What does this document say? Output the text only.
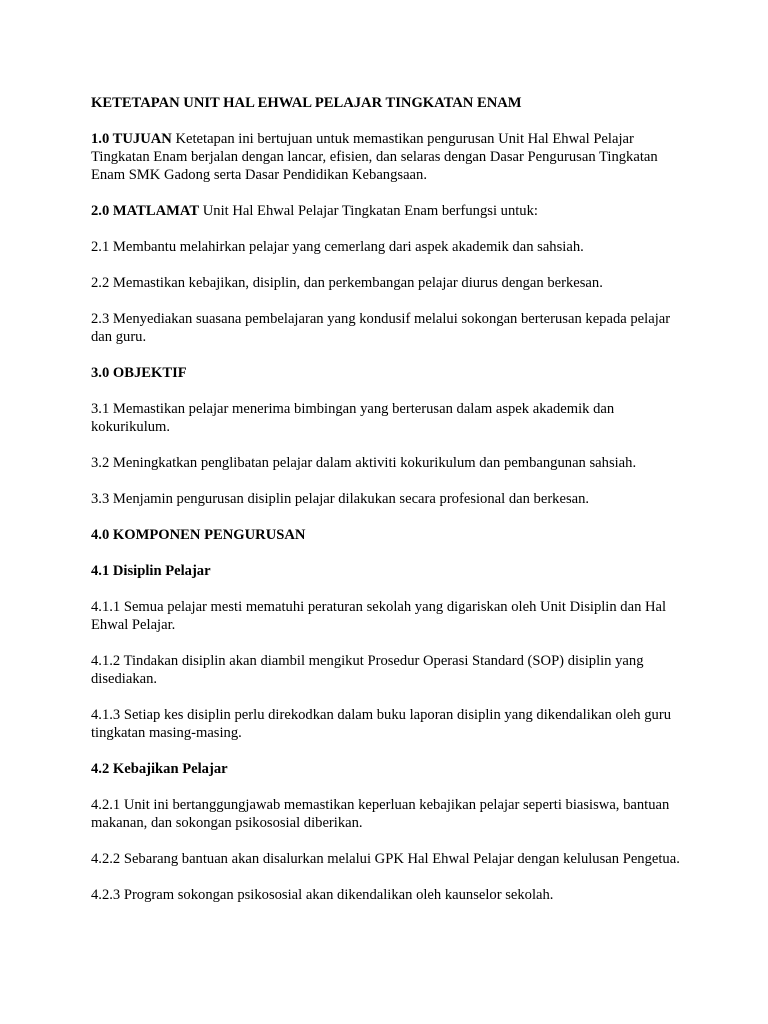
KETETAPAN UNIT HAL EHWAL PELAJAR TINGKATAN ENAM

1.0 TUJUAN Ketetapan ini bertujuan untuk memastikan pengurusan Unit Hal Ehwal Pelajar Tingkatan Enam berjalan dengan lancar, efisien, dan selaras dengan Dasar Pengurusan Tingkatan Enam SMK Gadong serta Dasar Pendidikan Kebangsaan.

2.0 MATLAMAT Unit Hal Ehwal Pelajar Tingkatan Enam berfungsi untuk:

2.1 Membantu melahirkan pelajar yang cemerlang dari aspek akademik dan sahsiah.

2.2 Memastikan kebajikan, disiplin, dan perkembangan pelajar diurus dengan berkesan.

2.3 Menyediakan suasana pembelajaran yang kondusif melalui sokongan berterusan kepada pelajar dan guru.

3.0 OBJEKTIF

3.1 Memastikan pelajar menerima bimbingan yang berterusan dalam aspek akademik dan kokurikulum.

3.2 Meningkatkan penglibatan pelajar dalam aktiviti kokurikulum dan pembangunan sahsiah.

3.3 Menjamin pengurusan disiplin pelajar dilakukan secara profesional dan berkesan.

4.0 KOMPONEN PENGURUSAN

4.1 Disiplin Pelajar

4.1.1 Semua pelajar mesti mematuhi peraturan sekolah yang digariskan oleh Unit Disiplin dan Hal Ehwal Pelajar.

4.1.2 Tindakan disiplin akan diambil mengikut Prosedur Operasi Standard (SOP) disiplin yang disediakan.

4.1.3 Setiap kes disiplin perlu direkodkan dalam buku laporan disiplin yang dikendalikan oleh guru tingkatan masing-masing.

4.2 Kebajikan Pelajar

4.2.1 Unit ini bertanggungjawab memastikan keperluan kebajikan pelajar seperti biasiswa, bantuan makanan, dan sokongan psikososial diberikan.

4.2.2 Sebarang bantuan akan disalurkan melalui GPK Hal Ehwal Pelajar dengan kelulusan Pengetua.

4.2.3 Program sokongan psikososial akan dikendalikan oleh kaunselor sekolah.
